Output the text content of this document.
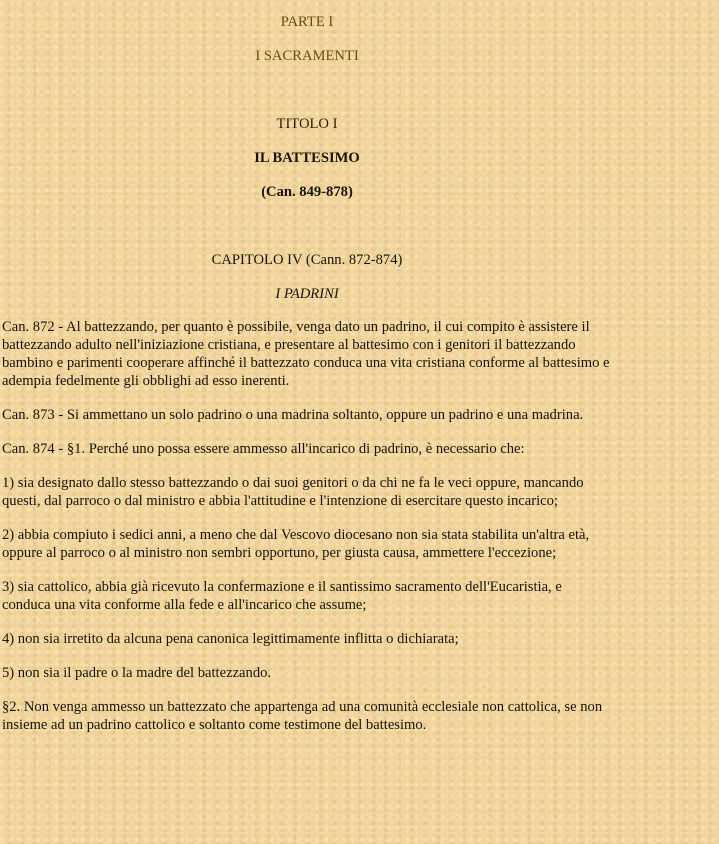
PARTE I

I SACRAMENTI

TITOLO I

IL BATTESIMO

(Can. 849-878)

CAPITOLO IV (Cann. 872-874)

I PADRINI

Can. 872 - Al battezzando, per quanto è possibile, venga dato un padrino, il cui compito è assistere il battezzando adulto nell'iniziazione cristiana, e presentare al battesimo con i genitori il battezzando bambino e parimenti cooperare affinché il battezzato conduca una vita cristiana conforme al battesimo e adempia fedelmente gli obblighi ad esso inerenti.

Can. 873 - Si ammettano un solo padrino o una madrina soltanto, oppure un padrino e una madrina.

Can. 874 - §1. Perché uno possa essere ammesso all'incarico di padrino, è necessario che:

1) sia designato dallo stesso battezzando o dai suoi genitori o da chi ne fa le veci oppure, mancando questi, dal parroco o dal ministro e abbia l'attitudine e l'intenzione di esercitare questo incarico;

2) abbia compiuto i sedici anni, a meno che dal Vescovo diocesano non sia stata stabilita un'altra età, oppure al parroco o al ministro non sembri opportuno, per giusta causa, ammettere l'eccezione;

3) sia cattolico, abbia già ricevuto la confermazione e il santissimo sacramento dell'Eucaristia, e conduca una vita conforme alla fede e all'incarico che assume;

4) non sia irretito da alcuna pena canonica legittimamente inflitta o dichiarata;

5) non sia il padre o la madre del battezzando.

§2. Non venga ammesso un battezzato che appartenga ad una comunità ecclesiale non cattolica, se non insieme ad un padrino cattolico e soltanto come testimone del battesimo.
